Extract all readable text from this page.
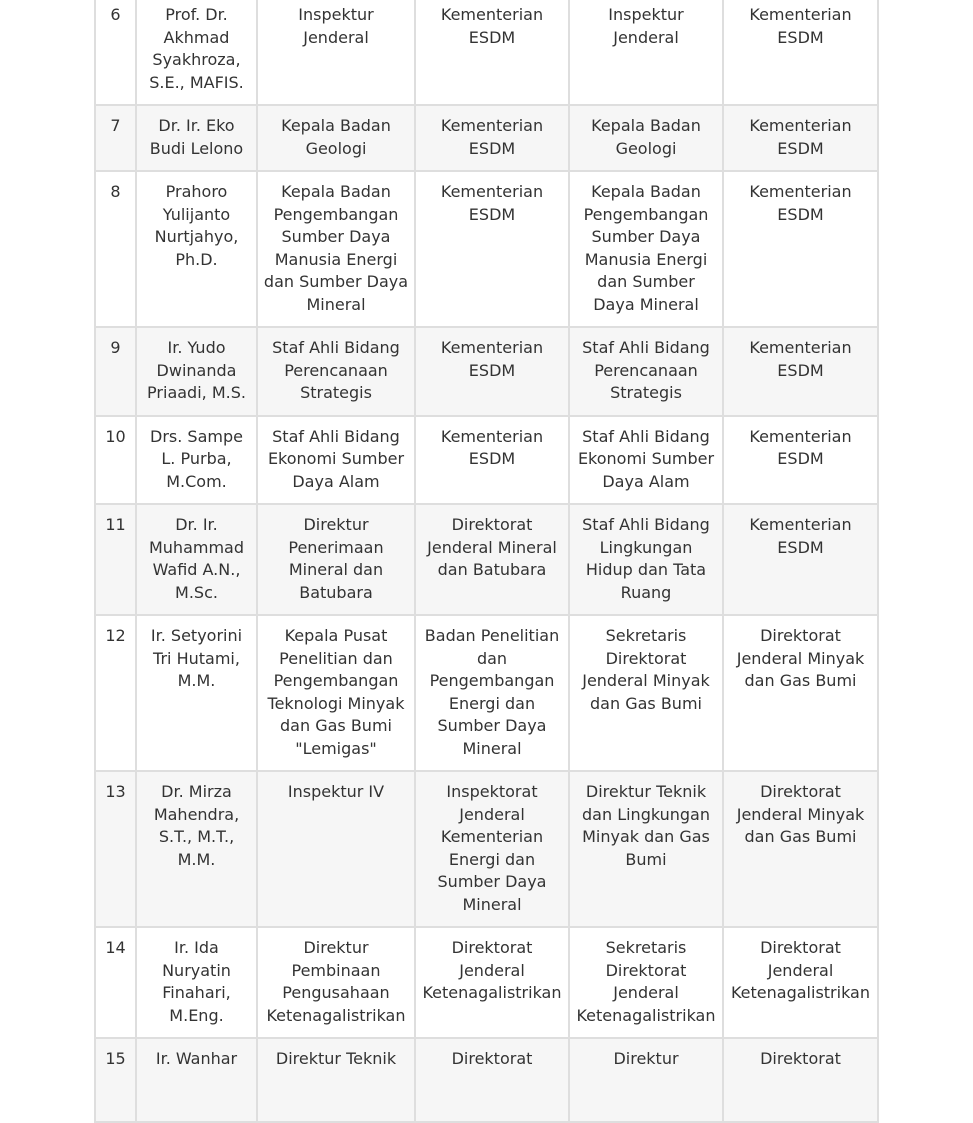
6	Prof. Dr. Akhmad Syakhroza, S.E., MAFIS.	Inspektur Jenderal	Kementerian ESDM	Inspektur Jenderal	Kementerian ESDM
7	Dr. Ir. Eko Budi Lelono	Kepala Badan Geologi	Kementerian ESDM	Kepala Badan Geologi	Kementerian ESDM
8	Prahoro Yulijanto Nurtjahyo, Ph.D.	Kepala Badan Pengembangan Sumber Daya Manusia Energi dan Sumber Daya Mineral	Kementerian ESDM	Kepala Badan Pengembangan Sumber Daya Manusia Energi dan Sumber Daya Mineral	Kementerian ESDM
9	Ir. Yudo Dwinanda Priaadi, M.S.	Staf Ahli Bidang Perencanaan Strategis	Kementerian ESDM	Staf Ahli Bidang Perencanaan Strategis	Kementerian ESDM
10	Drs. Sampe L. Purba, M.Com.	Staf Ahli Bidang Ekonomi Sumber Daya Alam	Kementerian ESDM	Staf Ahli Bidang Ekonomi Sumber Daya Alam	Kementerian ESDM
11	Dr. Ir. Muhammad Wafid A.N., M.Sc.	Direktur Penerimaan Mineral dan Batubara	Direktorat Jenderal Mineral dan Batubara	Staf Ahli Bidang Lingkungan Hidup dan Tata Ruang	Kementerian ESDM
12	Ir. Setyorini Tri Hutami, M.M.	Kepala Pusat Penelitian dan Pengembangan Teknologi Minyak dan Gas Bumi "Lemigas"	Badan Penelitian dan Pengembangan Energi dan Sumber Daya Mineral	Sekretaris Direktorat Jenderal Minyak dan Gas Bumi	Direktorat Jenderal Minyak dan Gas Bumi
13	Dr. Mirza Mahendra, S.T., M.T., M.M.	Inspektur IV	Inspektorat Jenderal Kementerian Energi dan Sumber Daya Mineral	Direktur Teknik dan Lingkungan Minyak dan Gas Bumi	Direktorat Jenderal Minyak dan Gas Bumi
14	Ir. Ida Nuryatin Finahari, M.Eng.	Direktur Pembinaan Pengusahaan Ketenagalistrikan	Direktorat Jenderal Ketenagalistrikan	Sekretaris Direktorat Jenderal Ketenagalistrikan	Direktorat Jenderal Ketenagalistrikan
15	Ir. Wanhar	Direktur Teknik	Direktorat	Direktur	Direktorat
